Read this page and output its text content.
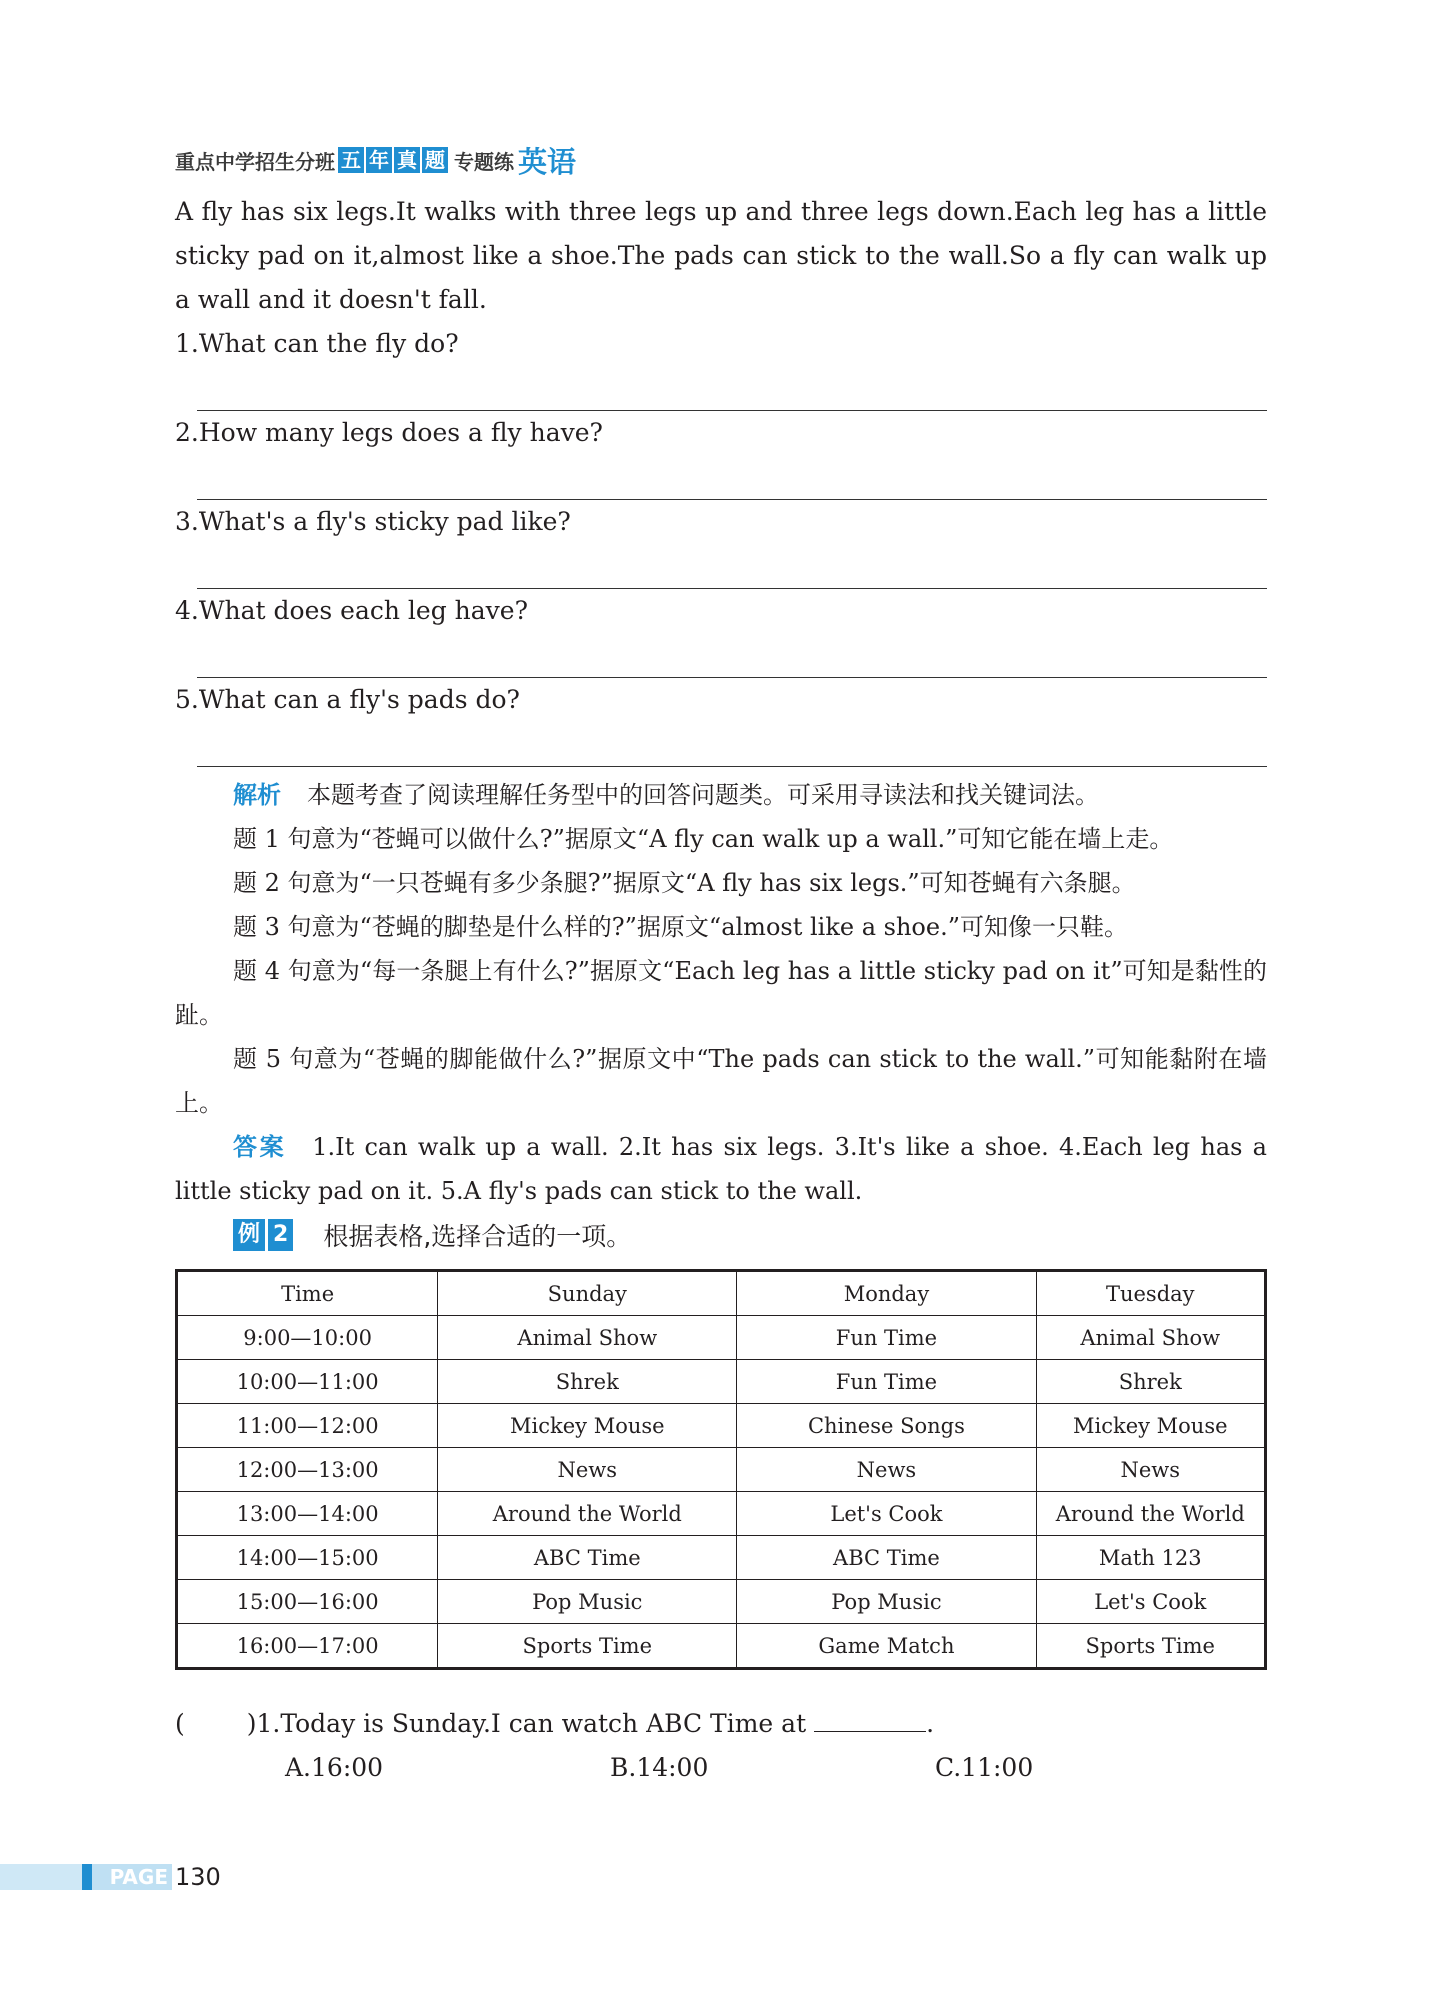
重点中学招生分班 五 年 真 题 专题练 英语
A fly has six legs.It walks with three legs up and three legs down.Each leg has a little sticky pad on it,almost like a shoe.The pads can stick to the wall.So a fly can walk up a wall and it doesn't fall.
1.What can the fly do?
2.How many legs does a fly have?
3.What's a fly's sticky pad like?
4.What does each leg have?
5.What can a fly's pads do?

解析 本题考查了阅读理解任务型中的回答问题类。可采用寻读法和找关键词法。

题 1 句意为“苍蝇可以做什么?”据原文“A fly can walk up a wall.”可知它能在墙上走。

题 2 句意为“一只苍蝇有多少条腿?”据原文“A fly has six legs.”可知苍蝇有六条腿。

题 3 句意为“苍蝇的脚垫是什么样的?”据原文“almost like a shoe.”可知像一只鞋。

题 4 句意为“每一条腿上有什么?”据原文“Each leg has a little sticky pad on it”可知是黏性的趾。

题 5 句意为“苍蝇的脚能做什么?”据原文中“The pads can stick to the wall.”可知能黏附在墙上。

答案 1.It can walk up a wall. 2.It has six legs. 3.It's like a shoe. 4.Each leg has a little sticky pad on it. 5.A fly's pads can stick to the wall.

例 2 根据表格,选择合适的一项。
Time	Sunday	Monday	Tuesday
9:00—10:00	Animal Show	Fun Time	Animal Show
10:00—11:00	Shrek	Fun Time	Shrek
11:00—12:00	Mickey Mouse	Chinese Songs	Mickey Mouse
12:00—13:00	News	News	News
13:00—14:00	Around the World	Let's Cook	Around the World
14:00—15:00	ABC Time	ABC Time	Math 123
15:00—16:00	Pop Music	Pop Music	Let's Cook
16:00—17:00	Sports Time	Game Match	Sports Time
( )1.Today is Sunday.I can watch ABC Time at	.
A.16:00	B.14:00	C.11:00
PAGE 130
